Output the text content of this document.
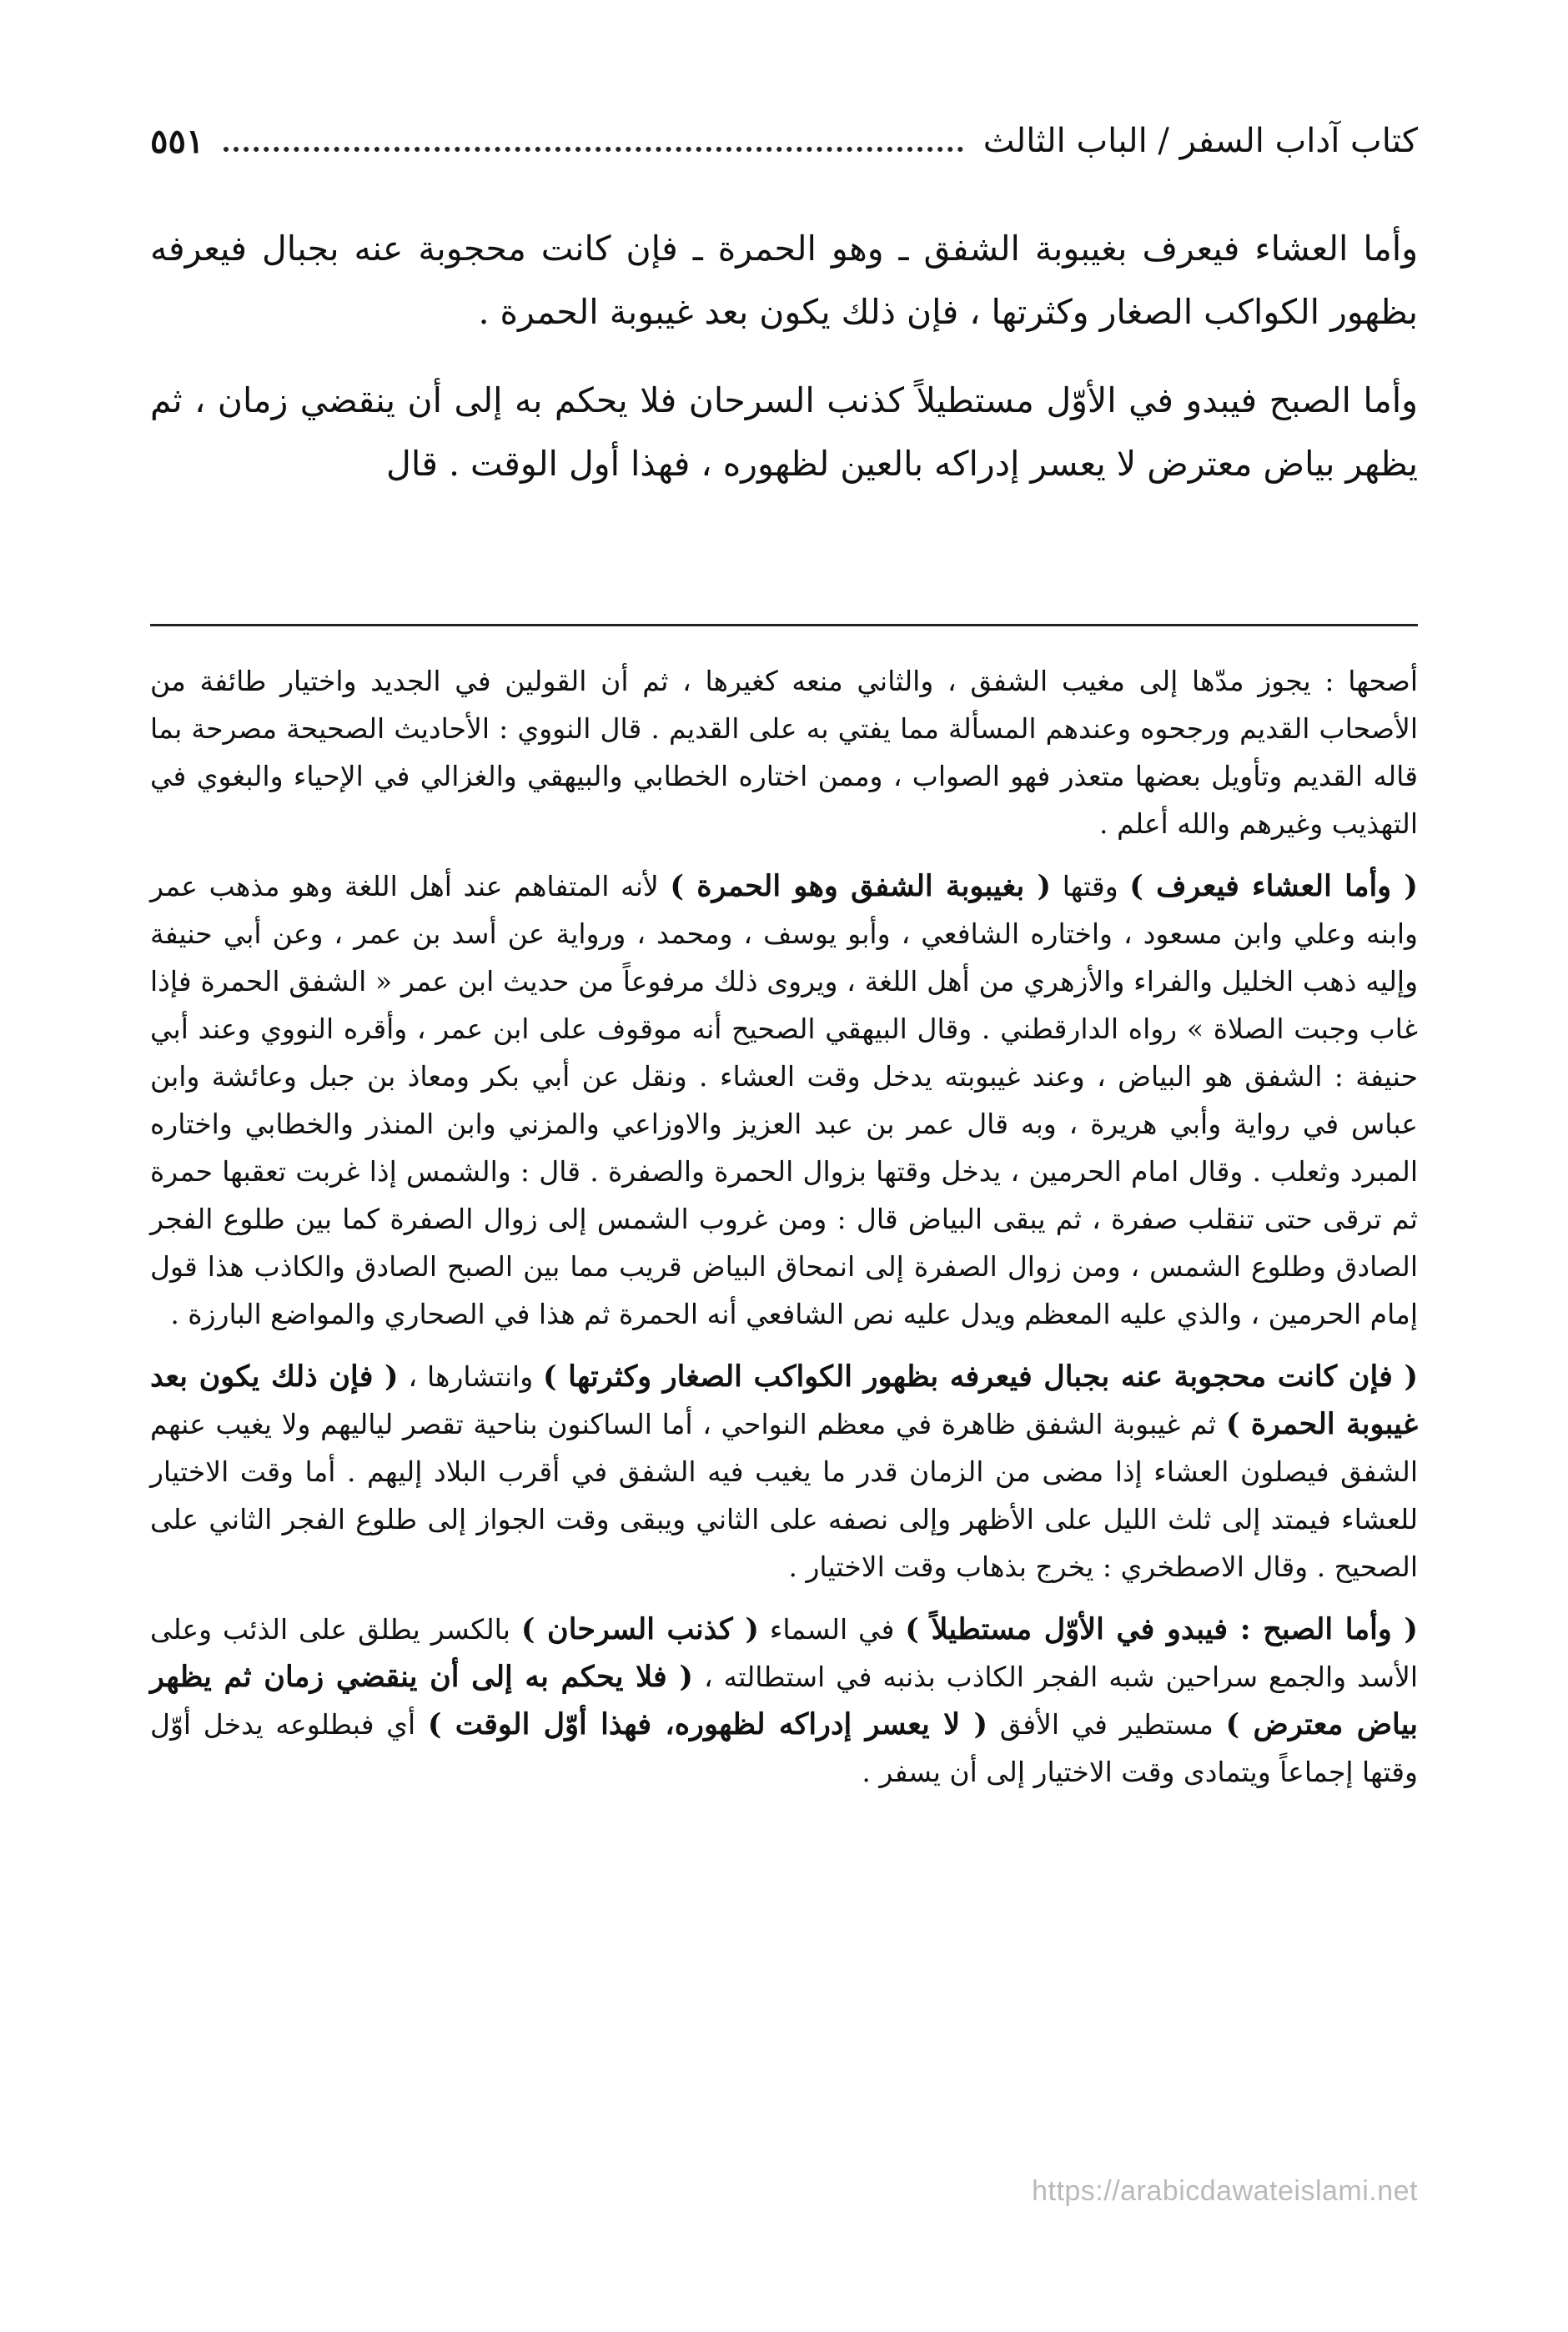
كتاب آداب السفر / الباب الثالث
٥٥١

وأما العشاء فيعرف بغيبوبة الشفق ـ وهو الحمرة ـ فإن كانت محجوبة عنه بجبال فيعرفه بظهور الكواكب الصغار وكثرتها ، فإن ذلك يكون بعد غيبوبة الحمرة .

وأما الصبح فيبدو في الأوّل مستطيلاً كذنب السرحان فلا يحكم به إلى أن ينقضي زمان ، ثم يظهر بياض معترض لا يعسر إدراكه بالعين لظهوره ، فهذا أول الوقت . قال

أصحها : يجوز مدّها إلى مغيب الشفق ، والثاني منعه كغيرها ، ثم أن القولين في الجديد واختيار طائفة من الأصحاب القديم ورجحوه وعندهم المسألة مما يفتي به على القديم . قال النووي : الأحاديث الصحيحة مصرحة بما قاله القديم وتأويل بعضها متعذر فهو الصواب ، وممن اختاره الخطابي والبيهقي والغزالي في الإحياء والبغوي في التهذيب وغيرهم والله أعلم .

( وأما العشاء فيعرف ) وقتها ( بغيبوبة الشفق وهو الحمرة ) لأنه المتفاهم عند أهل اللغة وهو مذهب عمر وابنه وعلي وابن مسعود ، واختاره الشافعي ، وأبو يوسف ، ومحمد ، ورواية عن أسد بن عمر ، وعن أبي حنيفة وإليه ذهب الخليل والفراء والأزهري من أهل اللغة ، ويروى ذلك مرفوعاً من حديث ابن عمر « الشفق الحمرة فإذا غاب وجبت الصلاة » رواه الدارقطني . وقال البيهقي الصحيح أنه موقوف على ابن عمر ، وأقره النووي وعند أبي حنيفة : الشفق هو البياض ، وعند غيبوبته يدخل وقت العشاء . ونقل عن أبي بكر ومعاذ بن جبل وعائشة وابن عباس في رواية وأبي هريرة ، وبه قال عمر بن عبد العزيز والاوزاعي والمزني وابن المنذر والخطابي واختاره المبرد وثعلب . وقال امام الحرمين ، يدخل وقتها بزوال الحمرة والصفرة . قال : والشمس إذا غربت تعقبها حمرة ثم ترقى حتى تنقلب صفرة ، ثم يبقى البياض قال : ومن غروب الشمس إلى زوال الصفرة كما بين طلوع الفجر الصادق وطلوع الشمس ، ومن زوال الصفرة إلى انمحاق البياض قريب مما بين الصبح الصادق والكاذب هذا قول إمام الحرمين ، والذي عليه المعظم ويدل عليه نص الشافعي أنه الحمرة ثم هذا في الصحاري والمواضع البارزة .

( فإن كانت محجوبة عنه بجبال فيعرفه بظهور الكواكب الصغار وكثرتها ) وانتشارها ، ( فإن ذلك يكون بعد غيبوبة الحمرة ) ثم غيبوبة الشفق ظاهرة في معظم النواحي ، أما الساكنون بناحية تقصر لياليهم ولا يغيب عنهم الشفق فيصلون العشاء إذا مضى من الزمان قدر ما يغيب فيه الشفق في أقرب البلاد إليهم . أما وقت الاختيار للعشاء فيمتد إلى ثلث الليل على الأظهر وإلى نصفه على الثاني ويبقى وقت الجواز إلى طلوع الفجر الثاني على الصحيح . وقال الاصطخري : يخرج بذهاب وقت الاختيار .

( وأما الصبح : فيبدو في الأوّل مستطيلاً ) في السماء ( كذنب السرحان ) بالكسر يطلق على الذئب وعلى الأسد والجمع سراحين شبه الفجر الكاذب بذنبه في استطالته ، ( فلا يحكم به إلى أن ينقضي زمان ثم يظهر بياض معترض ) مستطير في الأفق ( لا يعسر إدراكه لظهوره، فهذا أوّل الوقت ) أي فبطلوعه يدخل أوّل وقتها إجماعاً ويتمادى وقت الاختيار إلى أن يسفر .

https://arabicdawateislami.net
